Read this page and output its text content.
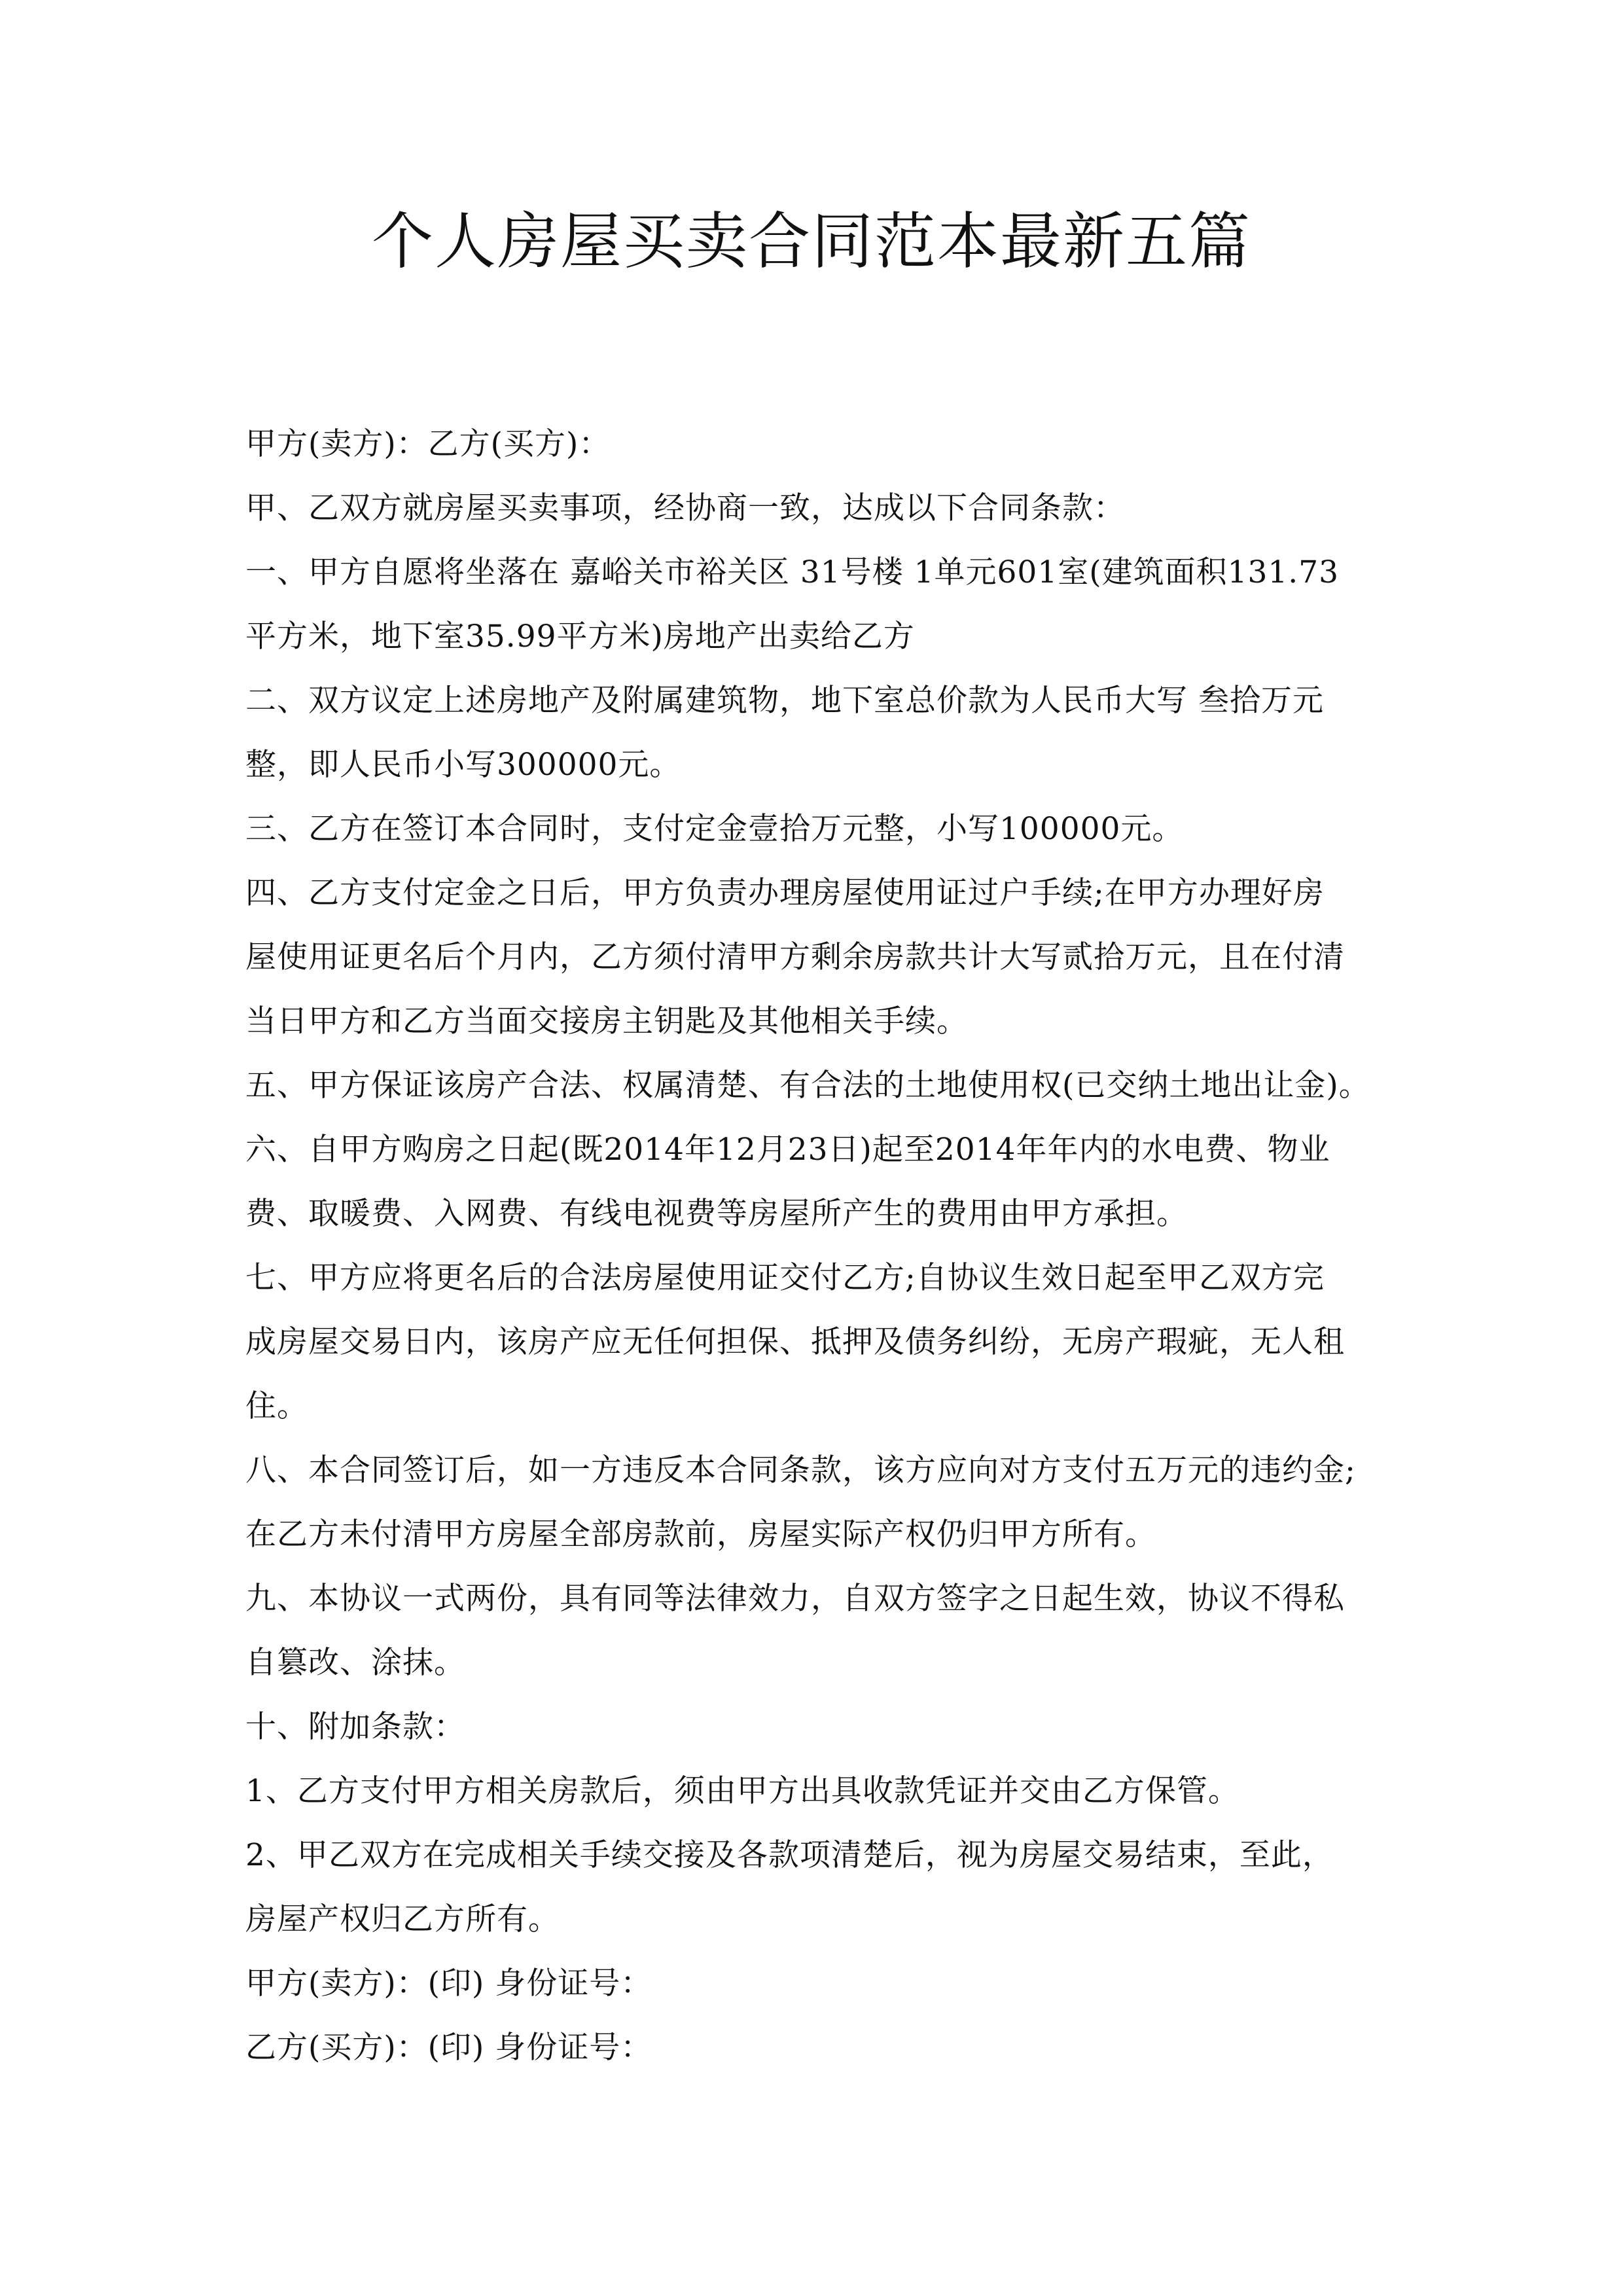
个人房屋买卖合同范本最新五篇
甲方(卖方)：乙方(买方)：
甲、乙双方就房屋买卖事项，经协商一致，达成以下合同条款：
一、甲方自愿将坐落在 嘉峪关市裕关区 31号楼 1单元601室(建筑面积131.73
平方米，地下室35.99平方米)房地产出卖给乙方
二、双方议定上述房地产及附属建筑物，地下室总价款为人民币大写 叁拾万元
整，即人民币小写300000元。
三、乙方在签订本合同时，支付定金壹拾万元整，小写100000元。
四、乙方支付定金之日后，甲方负责办理房屋使用证过户手续;在甲方办理好房
屋使用证更名后个月内，乙方须付清甲方剩余房款共计大写贰拾万元，且在付清
当日甲方和乙方当面交接房主钥匙及其他相关手续。
五、甲方保证该房产合法、权属清楚、有合法的土地使用权(已交纳土地出让金)。
六、自甲方购房之日起(既2014年12月23日)起至2014年年内的水电费、物业
费、取暖费、入网费、有线电视费等房屋所产生的费用由甲方承担。
七、甲方应将更名后的合法房屋使用证交付乙方;自协议生效日起至甲乙双方完
成房屋交易日内，该房产应无任何担保、抵押及债务纠纷，无房产瑕疵，无人租
住。
八、本合同签订后，如一方违反本合同条款，该方应向对方支付五万元的违约金;
在乙方未付清甲方房屋全部房款前，房屋实际产权仍归甲方所有。
九、本协议一式两份，具有同等法律效力，自双方签字之日起生效，协议不得私
自篡改、涂抹。
十、附加条款：
1、乙方支付甲方相关房款后，须由甲方出具收款凭证并交由乙方保管。
2、甲乙双方在完成相关手续交接及各款项清楚后，视为房屋交易结束，至此，
房屋产权归乙方所有。
甲方(卖方)：(印) 身份证号：
乙方(买方)：(印) 身份证号：
